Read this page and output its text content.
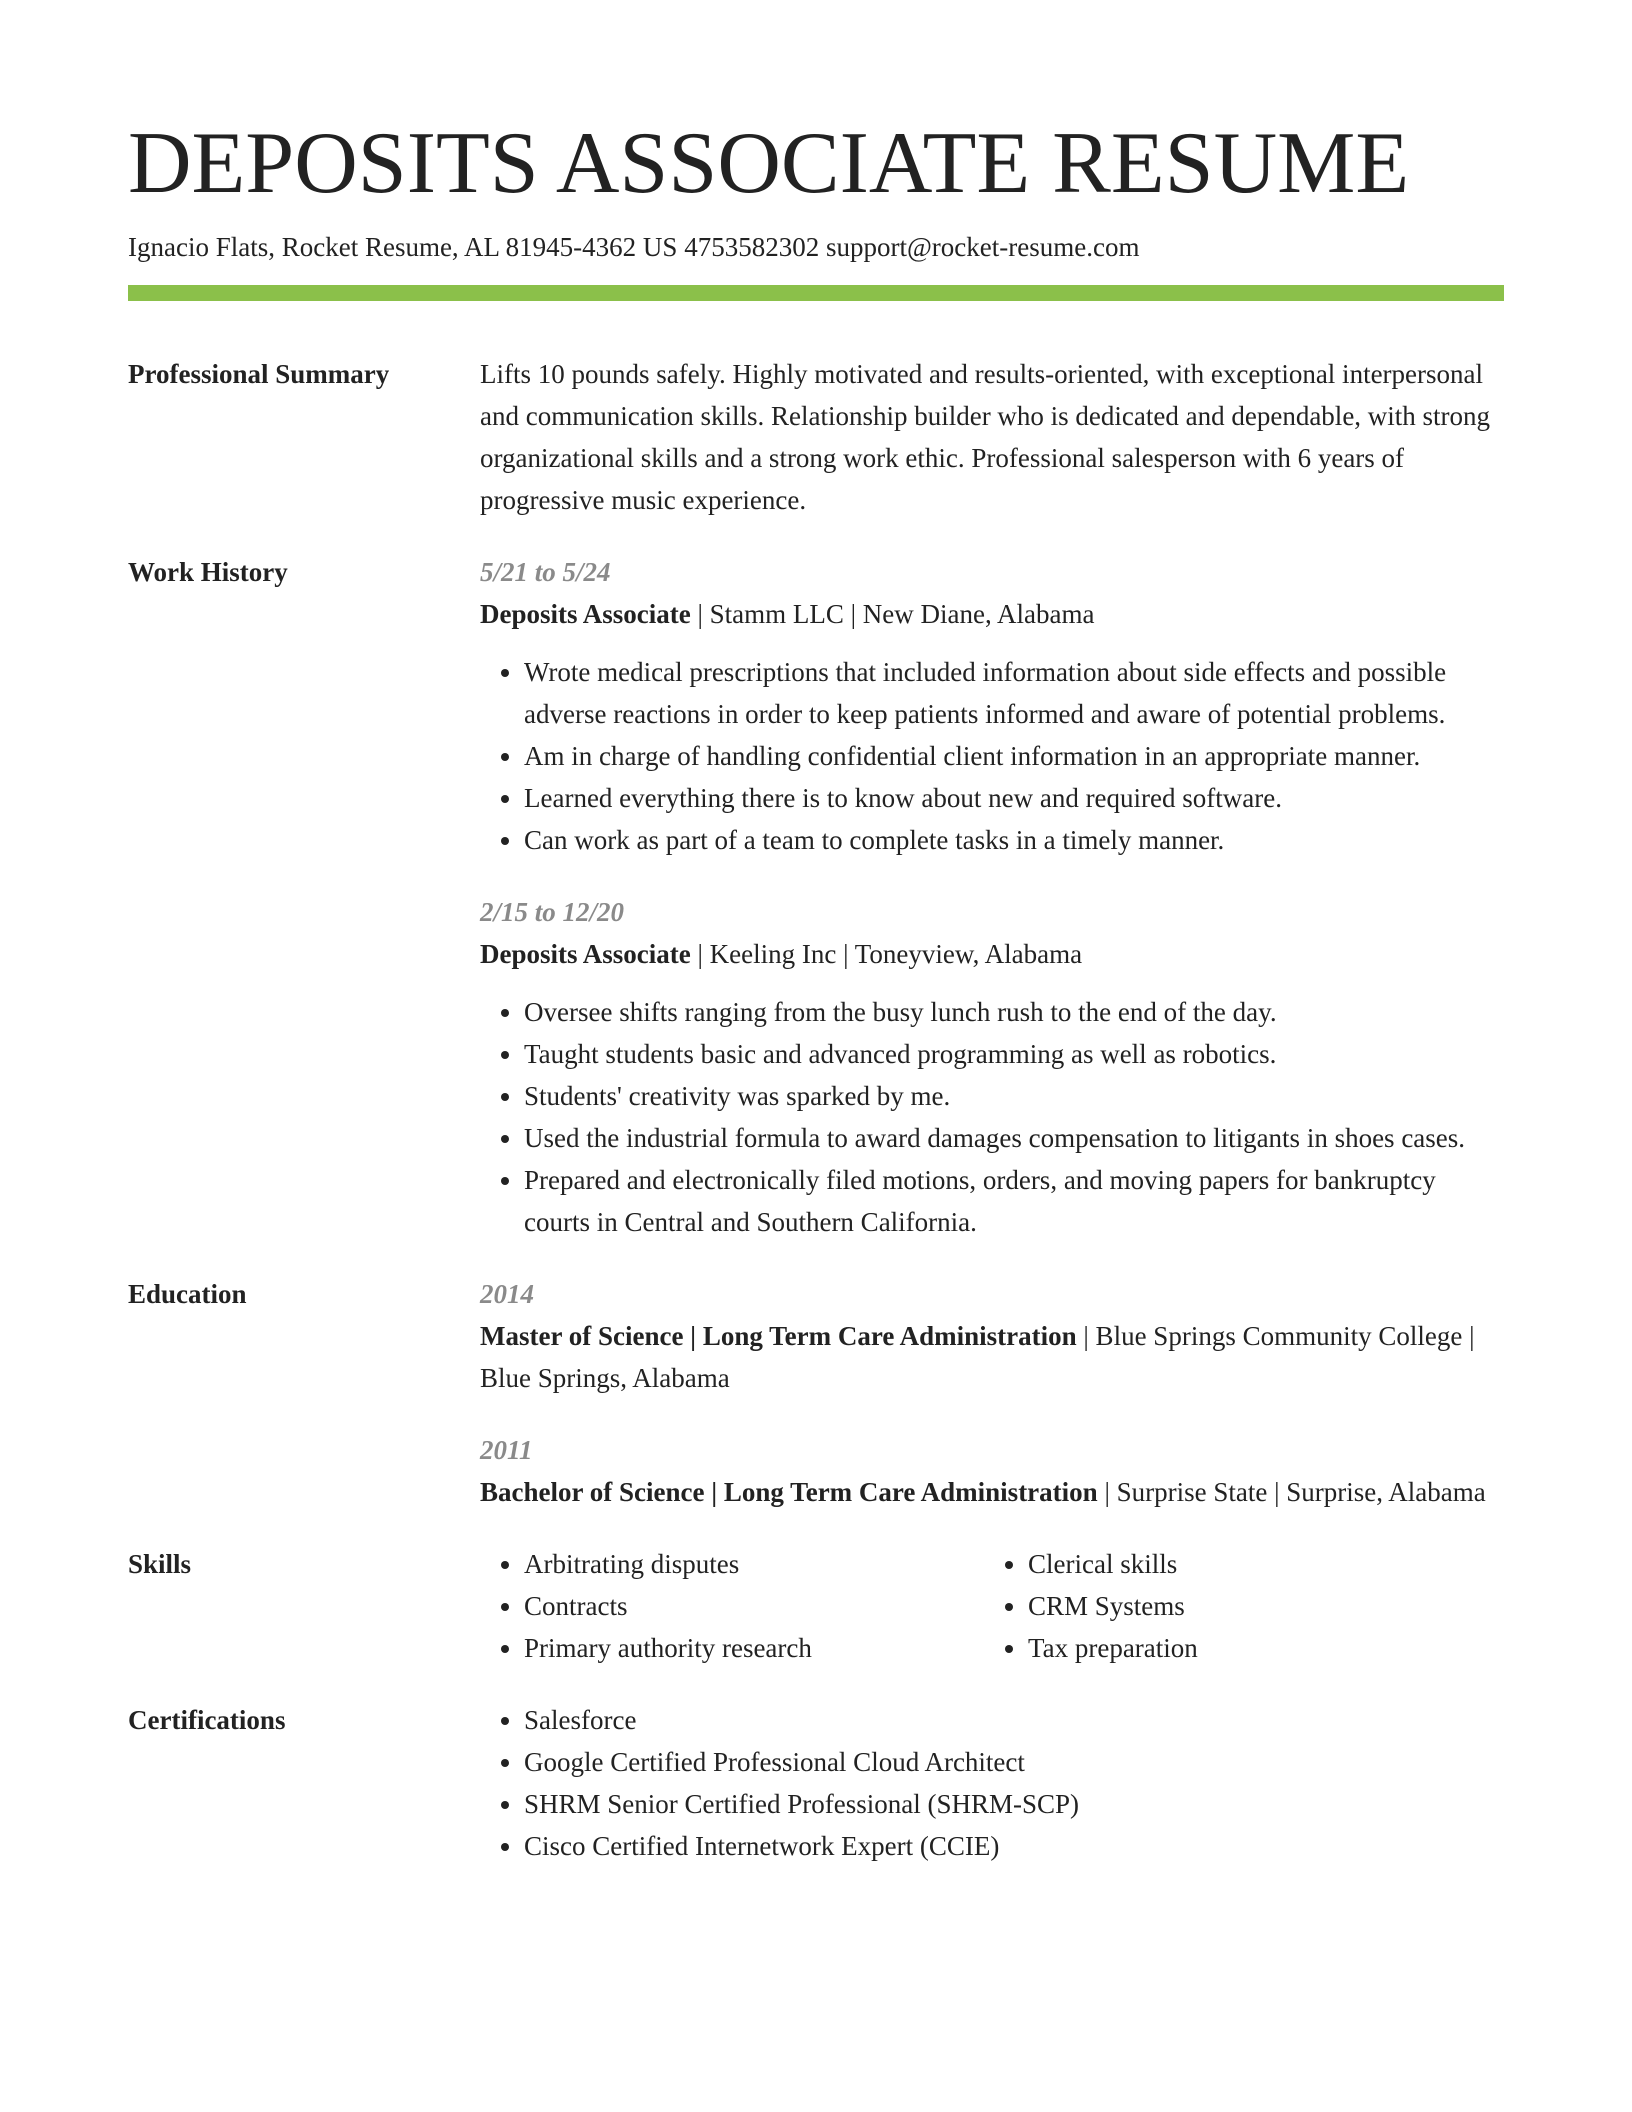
DEPOSITS ASSOCIATE RESUME
Ignacio Flats, Rocket Resume, AL 81945-4362 US 4753582302 support@rocket-resume.com
Professional Summary	Lifts 10 pounds safely. Highly motivated and results-oriented, with exceptional interpersonal and communication skills. Relationship builder who is dedicated and dependable, with strong organizational skills and a strong work ethic. Professional salesperson with 6 years of progressive music experience.

Work History	5/21 to 5/24
Deposits Associate | Stamm LLC | New Diane, Alabama
• Wrote medical prescriptions that included information about side effects and possible adverse reactions in order to keep patients informed and aware of potential problems.
• Am in charge of handling confidential client information in an appropriate manner.
• Learned everything there is to know about new and required software.
• Can work as part of a team to complete tasks in a timely manner.
2/15 to 12/20
Deposits Associate | Keeling Inc | Toneyview, Alabama
• Oversee shifts ranging from the busy lunch rush to the end of the day.
• Taught students basic and advanced programming as well as robotics.
• Students' creativity was sparked by me.
• Used the industrial formula to award damages compensation to litigants in shoes cases.
• Prepared and electronically filed motions, orders, and moving papers for bankruptcy courts in Central and Southern California.
Education	2014
Master of Science | Long Term Care Administration | Blue Springs Community College | Blue Springs, Alabama
2011
Bachelor of Science | Long Term Care Administration | Surprise State | Surprise, Alabama
Skills	• Arbitrating disputes
• Contracts
• Primary authority research
• Clerical skills
• CRM Systems
• Tax preparation
Certifications	• Salesforce
• Google Certified Professional Cloud Architect
• SHRM Senior Certified Professional (SHRM-SCP)
• Cisco Certified Internetwork Expert (CCIE)
